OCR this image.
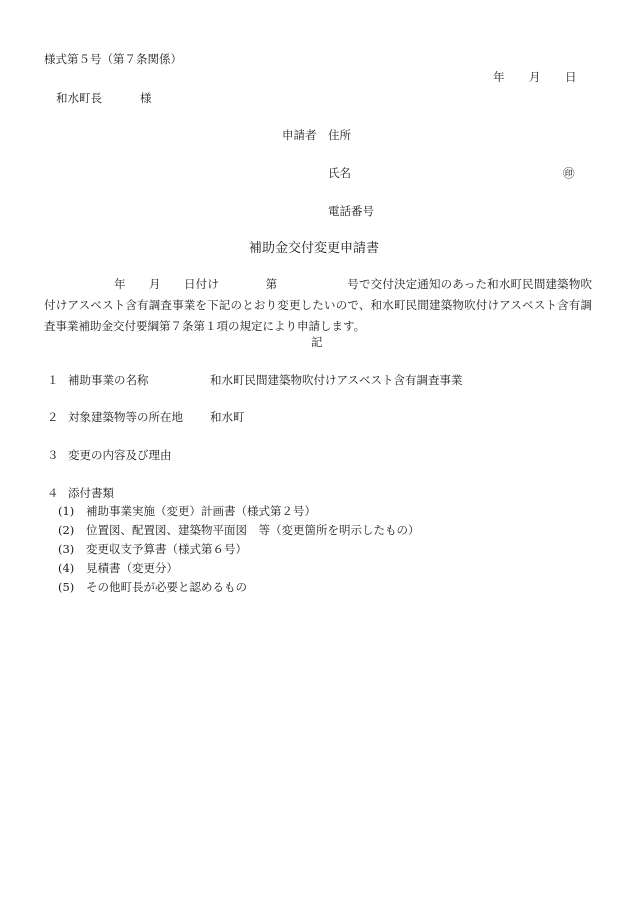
様式第５号（第７条関係）
年 月 日
和水町長	様
申請者 住所
氏名	㊞
電話番号
補助金交付変更申請書
　　　　　　年　　月　　日付け　　　　第　　　　　　号で交付決定通知のあった和水町民間建築物吹付けアスベスト含有調査事業を下記のとおり変更したいので、和水町民間建築物吹付けアスベスト含有調査事業補助金交付要綱第７条第１項の規定により申請します。
記
１ 補助事業の名称	和水町民間建築物吹付けアスベスト含有調査事業
２ 対象建築物等の所在地 和水町
３ 変更の内容及び理由
４ 添付書類
(1) 補助事業実施（変更）計画書（様式第２号）
(2) 位置図、配置図、建築物平面図　等（変更箇所を明示したもの）
(3) 変更収支予算書（様式第６号）
(4) 見積書（変更分）
(5) その他町長が必要と認めるもの
